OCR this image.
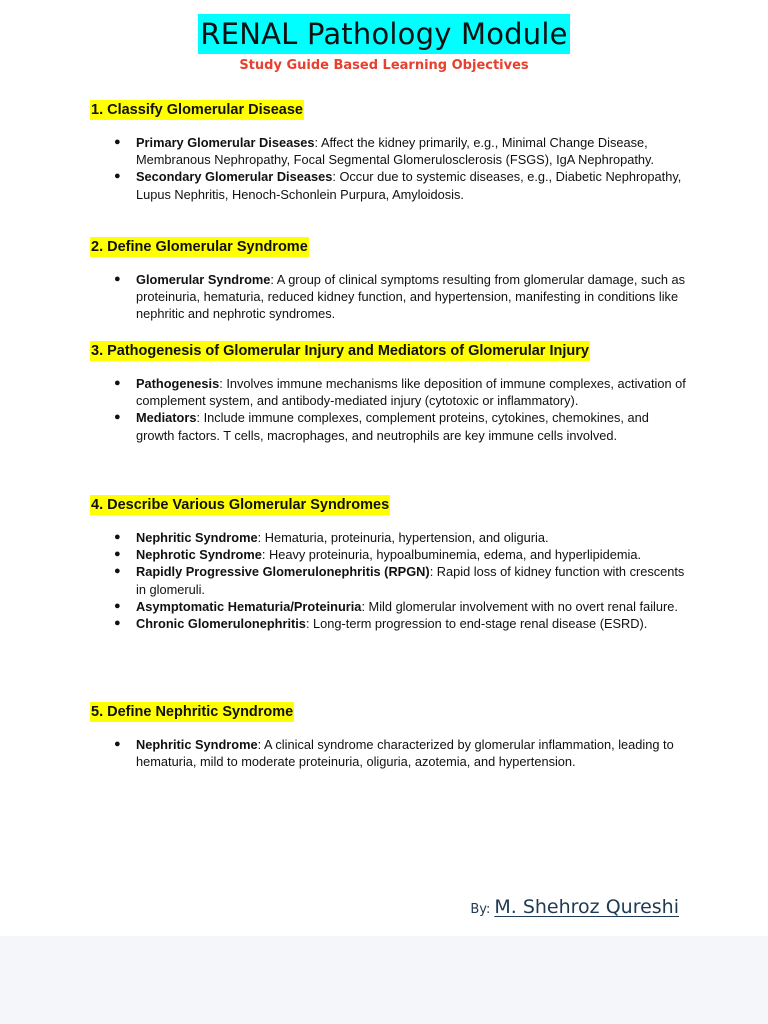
RENAL Pathology Module
Study Guide Based Learning Objectives
1. Classify Glomerular Disease
● Primary Glomerular Diseases: Affect the kidney primarily, e.g., Minimal Change Disease, Membranous Nephropathy, Focal Segmental Glomerulosclerosis (FSGS), IgA Nephropathy.
● Secondary Glomerular Diseases: Occur due to systemic diseases, e.g., Diabetic Nephropathy, Lupus Nephritis, Henoch-Schonlein Purpura, Amyloidosis.
2. Define Glomerular Syndrome
● Glomerular Syndrome: A group of clinical symptoms resulting from glomerular damage, such as proteinuria, hematuria, reduced kidney function, and hypertension, manifesting in conditions like nephritic and nephrotic syndromes.
3. Pathogenesis of Glomerular Injury and Mediators of Glomerular Injury
● Pathogenesis: Involves immune mechanisms like deposition of immune complexes, activation of complement system, and antibody-mediated injury (cytotoxic or inflammatory).
● Mediators: Include immune complexes, complement proteins, cytokines, chemokines, and growth factors. T cells, macrophages, and neutrophils are key immune cells involved.
4. Describe Various Glomerular Syndromes
● Nephritic Syndrome: Hematuria, proteinuria, hypertension, and oliguria.
● Nephrotic Syndrome: Heavy proteinuria, hypoalbuminemia, edema, and hyperlipidemia.
● Rapidly Progressive Glomerulonephritis (RPGN): Rapid loss of kidney function with crescents in glomeruli.
● Asymptomatic Hematuria/Proteinuria: Mild glomerular involvement with no overt renal failure.
● Chronic Glomerulonephritis: Long-term progression to end-stage renal disease (ESRD).
5. Define Nephritic Syndrome
● Nephritic Syndrome: A clinical syndrome characterized by glomerular inflammation, leading to hematuria, mild to moderate proteinuria, oliguria, azotemia, and hypertension.
By: M. Shehroz Qureshi
